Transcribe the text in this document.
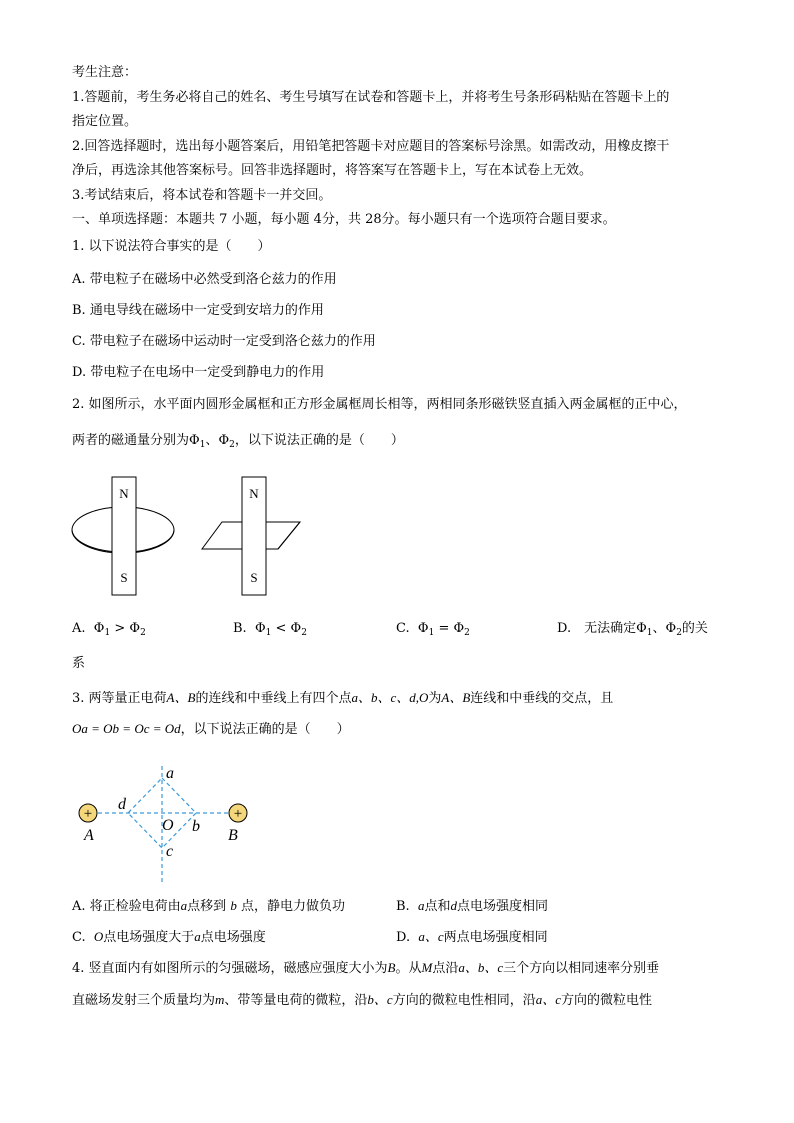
考生注意：
1.答题前，考生务必将自己的姓名、考生号填写在试卷和答题卡上，并将考生号条形码粘贴在答题卡上的
指定位置。
2.回答选择题时，选出每小题答案后，用铅笔把答题卡对应题目的答案标号涂黑。如需改动，用橡皮擦干
净后，再选涂其他答案标号。回答非选择题时，将答案写在答题卡上，写在本试卷上无效。
3.考试结束后，将本试卷和答题卡一并交回。
一、单项选择题：本题共 7 小题，每小题 4分，共 28分。每小题只有一个选项符合题目要求。
1. 以下说法符合事实的是（　　）
A. 带电粒子在磁场中必然受到洛仑兹力的作用
B. 通电导线在磁场中一定受到安培力的作用
C. 带电粒子在磁场中运动时一定受到洛仑兹力的作用
D. 带电粒子在电场中一定受到静电力的作用
2. 如图所示，水平面内圆形金属框和正方形金属框周长相等，两相同条形磁铁竖直插入两金属框的正中心，
两者的磁通量分别为$\Phi_1$、$\Phi_2$，以下说法正确的是（　　）
N
S
N
S
A. $\Phi_1 > \Phi_2$	B. $\Phi_1 < \Phi_2$	C. $\Phi_1 = \Phi_2$	D.　无法确定$\Phi_1$、$\Phi_2$的关
系
3. 两等量正电荷A、B的连线和中垂线上有四个点a、b、c、d,O为A、B连线和中垂线的交点，且
Oa = Ob = Oc = Od，以下说法正确的是（　　）
+	+
A	B
a
b
c
d
O
A. 将正检验电荷由a点移到 b 点，静电力做负功	B. a点和d点电场强度相同
C. O点电场强度大于a点电场强度	D. a、c两点电场强度相同
4. 竖直面内有如图所示的匀强磁场，磁感应强度大小为B。从M点沿a、b、c三个方向以相同速率分别垂
直磁场发射三个质量均为m、带等量电荷的微粒，沿b、c方向的微粒电性相同，沿a、c方向的微粒电性
